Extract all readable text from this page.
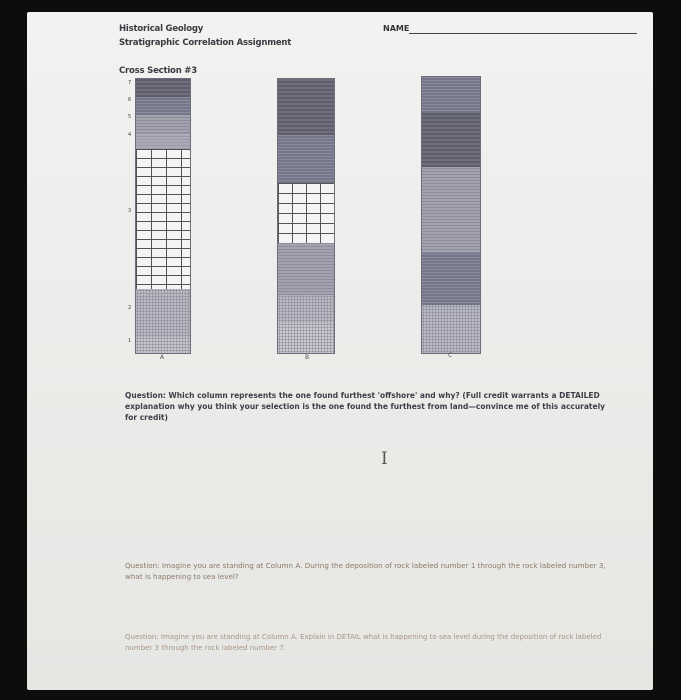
Historical Geology
Stratigraphic Correlation Assignment
NAME
Cross Section #3
7
6
5
4
3
2
1
A	B	C
Question: Which column represents the one found furthest 'offshore' and why? (Full credit warrants a DETAILED explanation why you think your selection is the one found the furthest from land—convince me of this accurately for credit)
Question: Imagine you are standing at Column A. During the deposition of rock labeled number 1 through the rock labeled number 3, what is happening to sea level?
Question: Imagine you are standing at Column A. Explain in DETAIL what is happening to sea level during the deposition of rock labeled number 3 through the rock labeled number 7.
I
